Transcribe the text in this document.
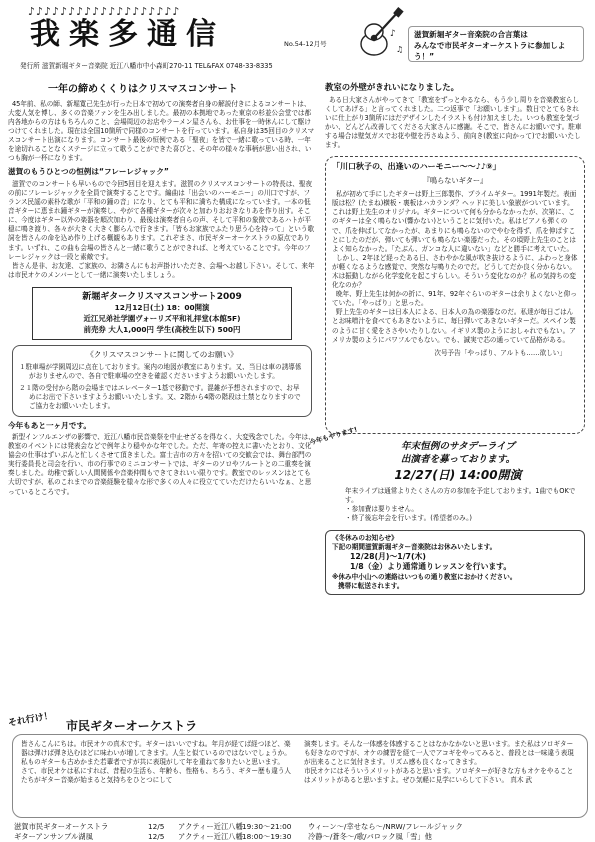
♪♪♪♪♪♪♪♪♪♪♪♪♪♪♪♪♪♪♪
我楽多通信	No.54-12月号
♪
♫
滋賀新堀ギター音楽院の合言葉は
みんなで市民ギターオーケストラに参加しよう！”
発行所 滋賀新堀ギター音楽院 近江八幡市中小森町270-11 TEL&FAX 0748-33-8335
一年の締めくくりはクリスマスコンサート

45年前、私の師、新堀寛己先生が行った日本で初めての演奏者自身の解説付きによるコンサートは、大変人気を博し、多くの音楽ファンを生み出しました。最初の本拠地であった東京の杉並公会堂では都内各地からの方はもちろんのこと、会場周辺のお店やラーメン屋さんも、お仕事を一時休んにして駆けつけてくれました。現在は全国10箇所で同様のコンサートを行っています。私自身は35回目のクリスマスコンサート出演になります。コンサート最後の恒例である「聖夜」を皆で一緒に歌っている時、一年を途切れることなくステージに立って歌うことができた喜びと、その年の様々な事柄が思い出され、いつも胸が一杯になります。

滋賀のもうひとつの恒例は“フレーレジャック”

滋賀でのコンサートも早いもので今回5回目を迎えます。滋賀のクリスマスコンサートの特長は、聖夜の前にフレーレジャックを全員で演奏することです。編曲は「出会いのハーモニー」の川口ですが、フランス民謡の素朴な歌が「平和の鐘の音」になり、とても平和に満ちた構成になっています。一本の低音ギターに恵まれ鐘ギターが演奏し、やがて各種ギターが次々と加わりおおきなりあを作り出す。そこに、今度はギター以外の楽器を順次加わり、最後は演奏者自らの声、そして平和の象徴であるハトが平穏に鳴き渡り、各々が大きく大きく膨らんで行きます。「皆もお家族でふたり思う心を持って」という歌詞を皆さんの命を込め作り上げる概観もあります。これぞまさ、市民ギターオーケストラの原点であります。いずれ、この曲も会場の皆さんと一緒に歌うことができれば、と考えていることです。今年のフレーレジャックは一段と素敵です。

皆さん是非、お友達、ご家族の、お隣さんにもお声掛けいただき、会場へお越し下さい。そして、来年は市民オケのメンバーとして一緒に演奏いたしましょう。

新堀ギタークリスマスコンサート2009
12月12日(土) 18：00開演
近江兄弟社学園ヴォーリズ平和礼拝堂(本館5F)
前売券 大人1,000円 学生(高校生以下) 500円
《クリスマスコンサートに関してのお願い》
１駐車場が学園周辺に点在しております。案内の地図が教室にあります。又、当日は車の誘導係がおりませんので、各自で駐車場の空きを確認くださいますようお願いいたします。
２１階の受付から階の会場まではエレベーター1基で移動です。混雑が予想されますので、お早めにお出で下さいますようお願いいたします。又、2階から4階の階段は土禁となりますのでご協力をお願いいたします。
今年もあと一ヶ月です。

新型インフルエンザの影響で、近江八幡市民音楽祭を中止せざるを得なく、大変残念でした。今年は、教室のイベントには発表会などで例年より穏やかな年でした。ただ、年寄の控えに書いたとおり、文化協会の仕事はずいぶんと忙しくさせて頂きました。富士吉市の方々を招いての交歓会では、舞台部門の実行委員長と司会を行い、市の行事でのミニコンサートでは、ギターのソロやフルートとの二重奏を演奏しました。幼稚で新しい人間関係や音楽仲間もできてきれいい限りです。教室でのレッスンはとても大切ですが、私のこれまでの音楽経験を様々な形で多くの人々に役立てていただけたらいいなぁ、と思っているところです。

教室の外壁がきれいになりました。

ある日大家さんがやってきて「教室をずっとやるなら、もう少し周りを音楽教室らしくしてあげる」と言ってくれました。二つ返事で「お願いします」。数日でとてもきれいに仕上がり3箇所にはだデザインしたイラストも付け加えました。いつも教室を気づかい、どんどん改善してくださる大家さんに感謝。そこで、皆さんにお願いです。駐車する場合は壁気ガスでお花や壁を汚さぬよう、前向き(教室に向かって)でお願いいたします。

「川口秋子の、出逢いのハーモニー～～♪♪⑨」
『鳴らないギター』

私が初めて手にしたギターは野上三郎製作、プライムギター。1991年製だ。表面版は松？(たまね)横板・裏板はハカランダ？ヘッドに美しい象嵌がついています。これは野上先生のオリジナル。ギターについて何も分からなかったが、次第に、このギターは全く鳴らない(響かない)ということに気付いた。私はピアノも弾くので、爪を伸ばしてなかったが、あまりにも鳴らないのでやむを得ず、爪を伸ばすことにしたのだが、弾いても弾いても鳴らない楽器だった。その頃野上先生のことはよく知らなかった。「たぶん、ガンコな人に違いない」などと勝手に考えていた。

しかし、2年ほど経ったある日、さわやかな風が吹き抜けるように、ふわっと身体が軽くなるような感覚で、突然な与鳴りたのでだ。どうしてだか良く分からない。木は振動しながら化学変化を起こすらしい。そういう変化なのか？私の気持ちの変化なのか？

晩年、野上先生は何かの折に、91年、92年ぐらいのギターは余りよくないと仰っていた。「やっぱり」と思った。

野上先生のギターは日本人による、日本人の為の楽器なのだ。私達が毎日ごはんとお味噌汁を食べてもあきないように、毎日弾いてあきないギターだ。スペイン製のように甘く愛をささやいたりしない。イギリス製のようにおしゃれでもない。アメリカ製のようにパワフルでもない。でも、誠実で芯の通っていて品格がある。

次号予告「やっぱり、アルトも……欲しい」
今年もやります!	年末恒例のサタデーライブ
出演者を募っております。
12/27(日) 14:00開演

年末ライブは通常よりたくさんの方の参加を予定しております。1曲でもOKです。
・参加費は要りません。
・終了後忘年会を行います。(希望者のみ。)

《冬休みのお知らせ》
下記の期間滋賀新堀ギター音楽院はお休みいたします。
12/28(月)～1/7(木)
1/8（金）より通常通りレッスンを行います。
※休み中小山への連絡はいつもの通り教室におかけください。
携帯に転送されます。
それ行け！ 市民ギターオーケストラ
皆さんこんにちは。市民オケの真木です。ギターはいいですね。年月が経てば経つほど、楽器は弾けば弾き込むほどに味わいが増してきます。人生と似ているのではないでしょうか。私ものギターも古めかまた若輩者ですが共に表現がして年を重ねて参りたいと思います。
さて、市民オケは私にすれば、昔程の生活も、年齢も、性格も、ちろう、ギター歴も違う人たちがギター音楽が始まると気持ちをひとつにして
演奏します。そんな一体感を体感することはなかなかないと思います。また私はソロギターも好きなのですが、オケの練習を経て一人でアコギをやってみると、普段とは一味違う表現が出来ることに気付きます。リズム感も良くなってきます。
市民オケにはそういうメリットがあると思います。ソロギターが好きな方もオケをやることはメリットがあると思いますよ。ぜひ気軽に見学にいらして下さい。 真木 武
滋賀市民ギターオーケストラ	12/5 アクティー近江八幡19:30～21:00 ウィーン～/幸せなら～/NRW/フレールジャック
ギターアンサンブル湖風	12/5 アクティー近江八幡18:00～19:30 冷静～/蒼冬～/歌/バロック風「雪」他
